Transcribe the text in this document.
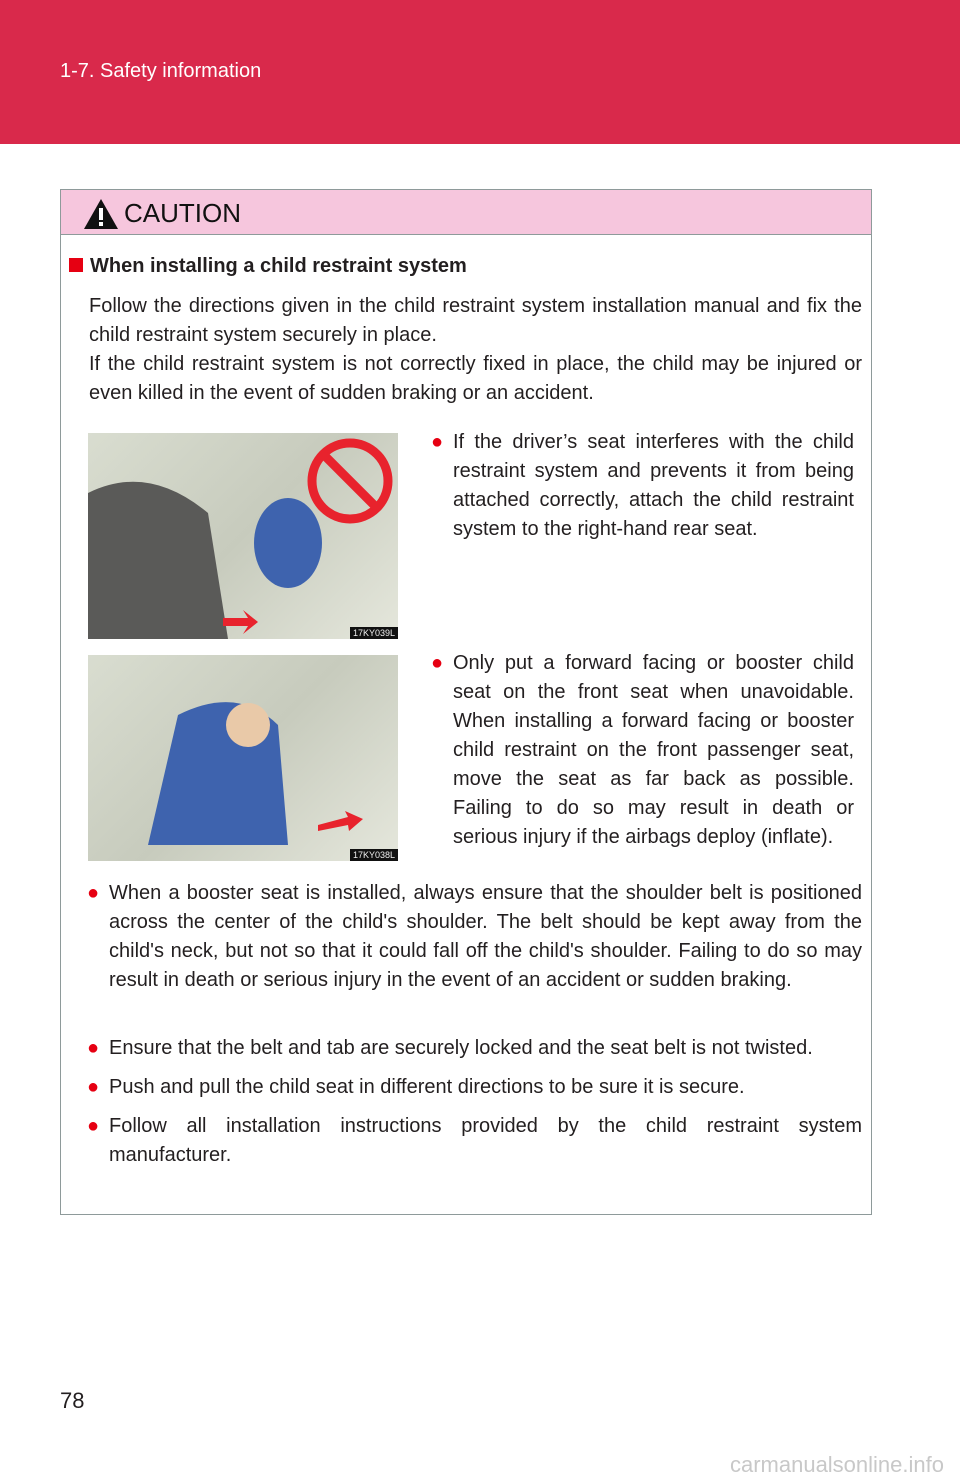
1-7. Safety information
CAUTION
When installing a child restraint system
Follow the directions given in the child restraint system installation manual and fix the child restraint system securely in place.
If the child restraint system is not correctly fixed in place, the child may be injured or even killed in the event of sudden braking or an accident.
17KY039L
● If the driver’s seat interferes with the child restraint system and prevents it from being attached correctly, attach the child restraint system to the right-hand rear seat.
17KY038L
● Only put a forward facing or booster child seat on the front seat when unavoidable. When installing a forward facing or booster child restraint on the front passenger seat, move the seat as far back as possible. Failing to do so may result in death or serious injury if the airbags deploy (inflate).
● When a booster seat is installed, always ensure that the shoulder belt is positioned across the center of the child's shoulder. The belt should be kept away from the child's neck, but not so that it could fall off the child's shoulder. Failing to do so may result in death or serious injury in the event of an accident or sudden braking.
● Ensure that the belt and tab are securely locked and the seat belt is not twisted.
● Push and pull the child seat in different directions to be sure it is secure.
● Follow all installation instructions provided by the child restraint system manufacturer.
78
carmanualsonline.info
